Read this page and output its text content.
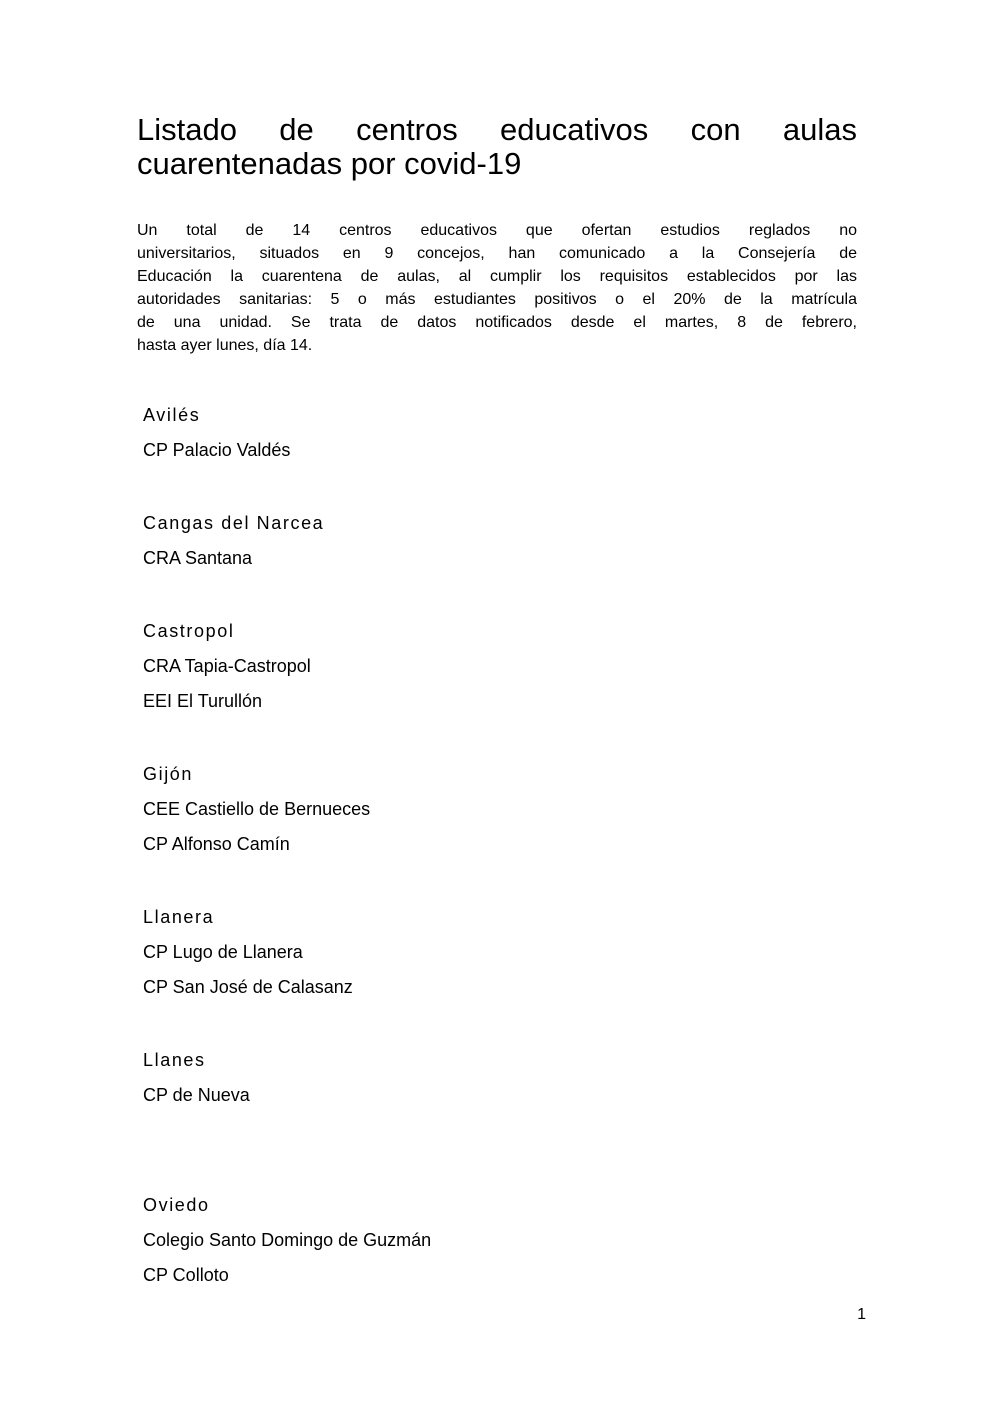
Listado de centros educativos con aulas
cuarentenadas por covid-19
Un total de 14 centros educativos que ofertan estudios reglados no
universitarios, situados en 9 concejos, han comunicado a la Consejería de
Educación la cuarentena de aulas, al cumplir los requisitos establecidos por las
autoridades sanitarias: 5 o más estudiantes positivos o el 20% de la matrícula
de una unidad. Se trata de datos notificados desde el martes, 8 de febrero,
hasta ayer lunes, día 14.
Avilés
CP Palacio Valdés
Cangas del Narcea
CRA Santana
Castropol
CRA Tapia-Castropol
EEI El Turullón
Gijón
CEE Castiello de Bernueces
CP Alfonso Camín
Llanera
CP Lugo de Llanera
CP San José de Calasanz
Llanes
CP de Nueva
Oviedo
Colegio Santo Domingo de Guzmán
CP Colloto
1
